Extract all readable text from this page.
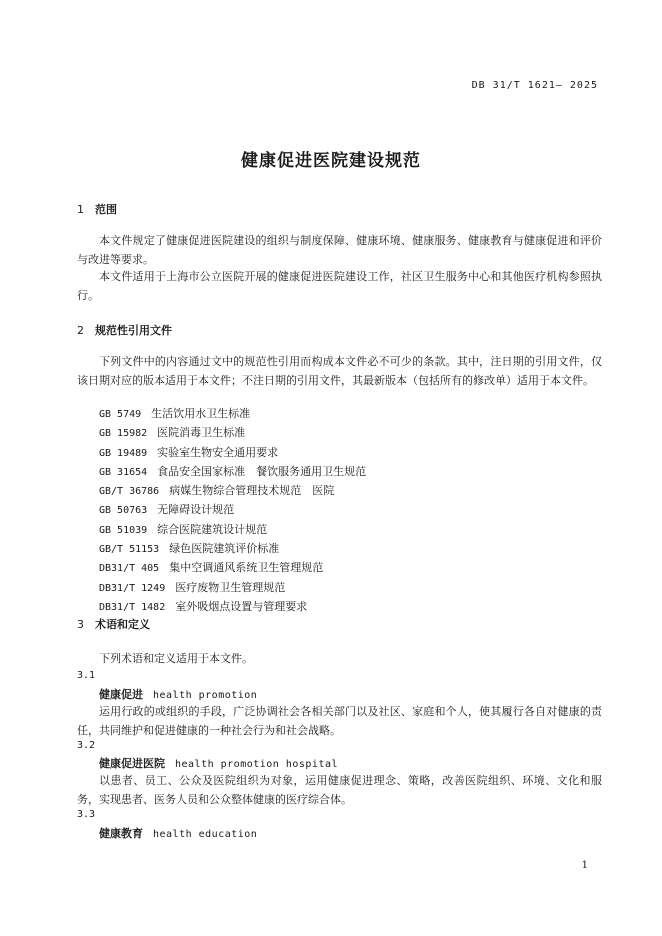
DB 31/T 1621— 2025
健康促进医院建设规范
1 范围
本文件规定了健康促进医院建设的组织与制度保障、健康环境、健康服务、健康教育与健康促进和评价与改进等要求。
本文件适用于上海市公立医院开展的健康促进医院建设工作，社区卫生服务中心和其他医疗机构参照执行。
2 规范性引用文件
下列文件中的内容通过文中的规范性引用而构成本文件必不可少的条款。其中，注日期的引用文件，仅该日期对应的版本适用于本文件；不注日期的引用文件，其最新版本（包括所有的修改单）适用于本文件。
GB 5749 生活饮用水卫生标准
GB 15982 医院消毒卫生标准
GB 19489 实验室生物安全通用要求
GB 31654 食品安全国家标准　餐饮服务通用卫生规范
GB/T 36786 病媒生物综合管理技术规范　医院
GB 50763 无障碍设计规范
GB 51039 综合医院建筑设计规范
GB/T 51153 绿色医院建筑评价标准
DB31/T 405 集中空调通风系统卫生管理规范
DB31/T 1249 医疗废物卫生管理规范
DB31/T 1482 室外吸烟点设置与管理要求
3 术语和定义
下列术语和定义适用于本文件。
3.1
健康促进 health promotion
运用行政的或组织的手段，广泛协调社会各相关部门以及社区、家庭和个人，使其履行各自对健康的责任，共同维护和促进健康的一种社会行为和社会战略。
3.2
健康促进医院 health promotion hospital
以患者、员工、公众及医院组织为对象，运用健康促进理念、策略，改善医院组织、环境、文化和服务，实现患者、医务人员和公众整体健康的医疗综合体。
3.3
健康教育 health education
1
